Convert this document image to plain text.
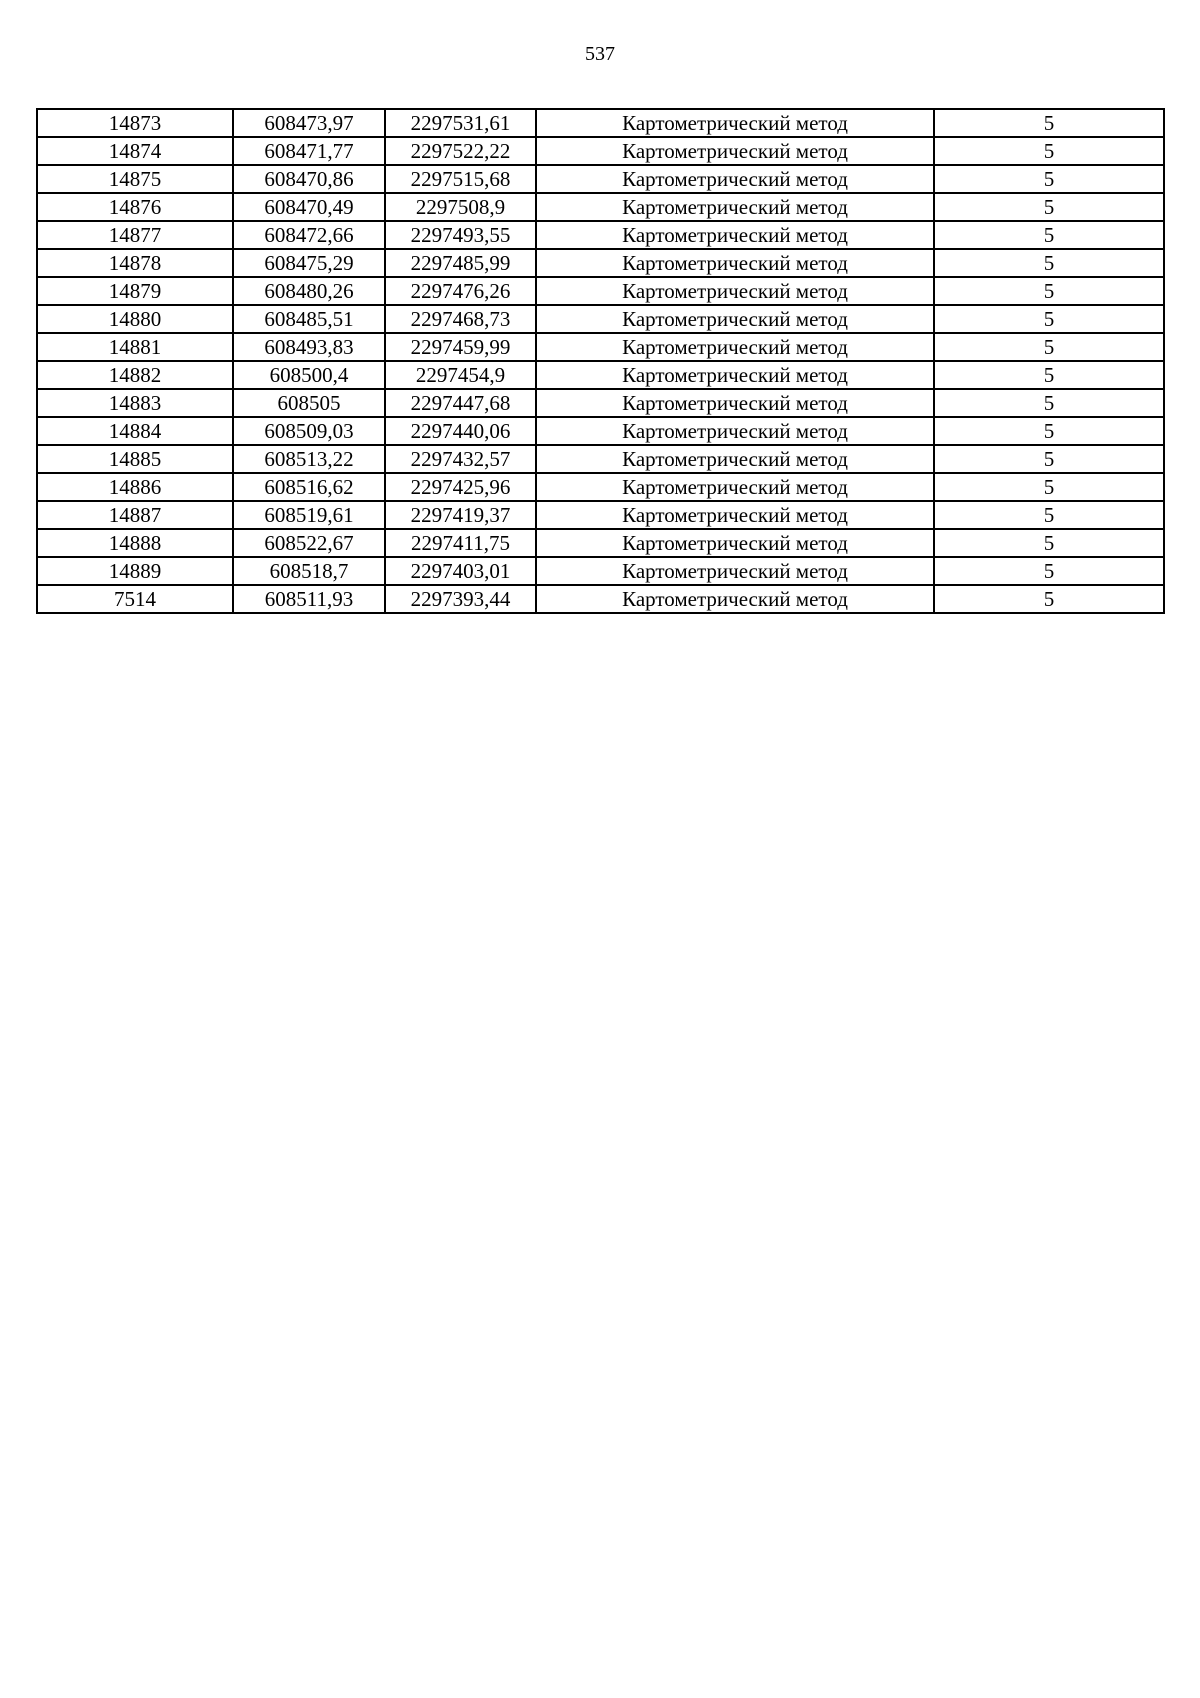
537
14873	608473,97	2297531,61	Картометрический метод	5
14874	608471,77	2297522,22	Картометрический метод	5
14875	608470,86	2297515,68	Картометрический метод	5
14876	608470,49	2297508,9	Картометрический метод	5
14877	608472,66	2297493,55	Картометрический метод	5
14878	608475,29	2297485,99	Картометрический метод	5
14879	608480,26	2297476,26	Картометрический метод	5
14880	608485,51	2297468,73	Картометрический метод	5
14881	608493,83	2297459,99	Картометрический метод	5
14882	608500,4	2297454,9	Картометрический метод	5
14883	608505	2297447,68	Картометрический метод	5
14884	608509,03	2297440,06	Картометрический метод	5
14885	608513,22	2297432,57	Картометрический метод	5
14886	608516,62	2297425,96	Картометрический метод	5
14887	608519,61	2297419,37	Картометрический метод	5
14888	608522,67	2297411,75	Картометрический метод	5
14889	608518,7	2297403,01	Картометрический метод	5
7514	608511,93	2297393,44	Картометрический метод	5
